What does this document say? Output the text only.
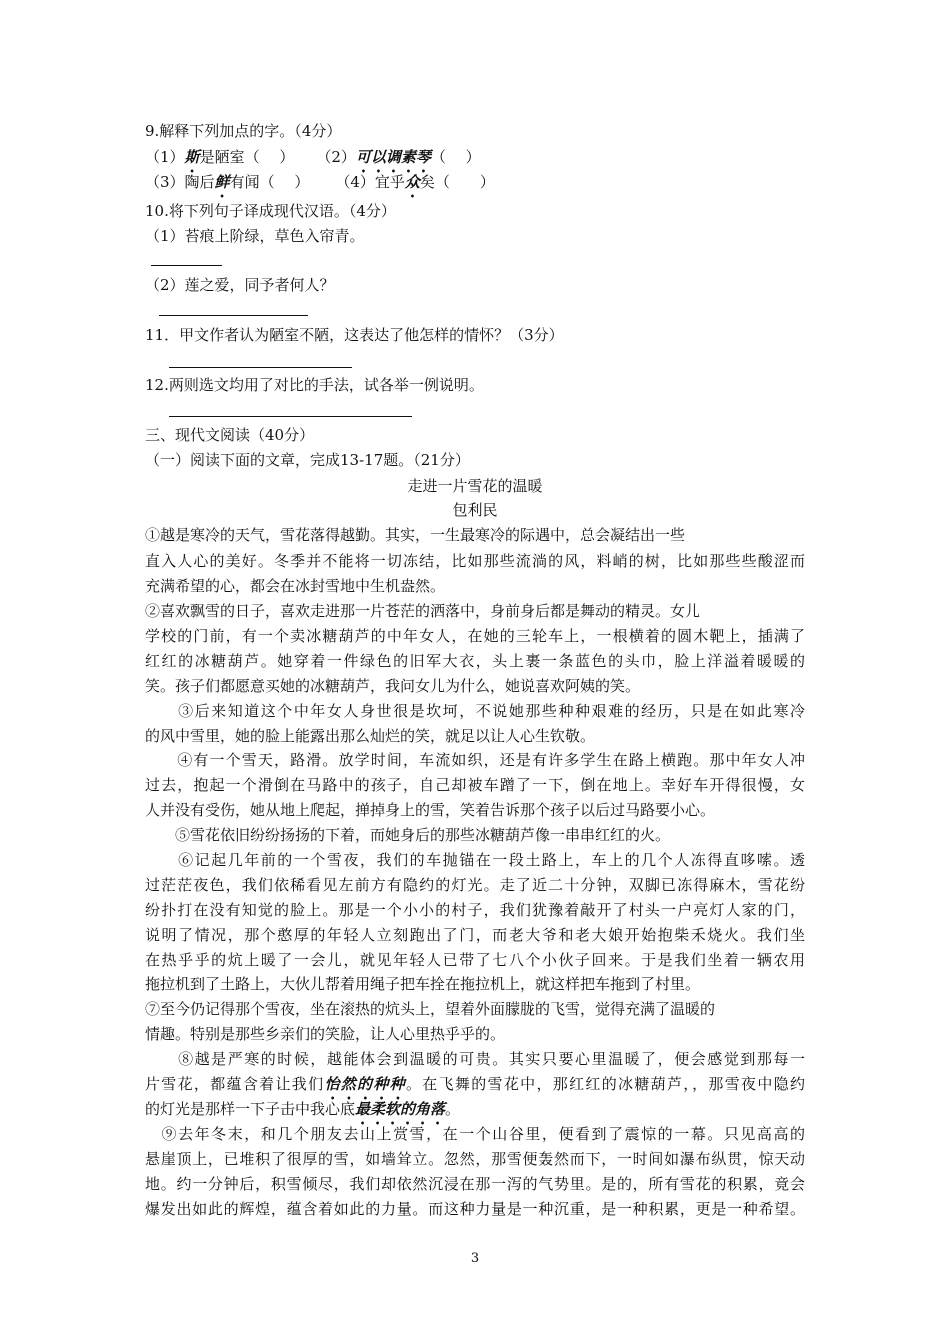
9.解释下列加点的字。（4分）
（1）斯是陋室（　 ） （2）可以调素琴（　 ）
（3）陶后鲜有闻（　 ） （4）宜乎众矣（　　）
10.将下列句子译成现代汉语。（4分）
（1）苔痕上阶绿，草色入帘青。
（2）莲之爱，同予者何人？
11．甲文作者认为陋室不陋，这表达了他怎样的情怀？（3分）
12.两则选文均用了对比的手法，试各举一例说明。
三、现代文阅读（40分）
（一）阅读下面的文章，完成13-17题。（21分）
走进一片雪花的温暖
包利民
①越是寒冷的天气，雪花落得越勤。其实，一生最寒冷的际遇中，总会凝结出一些
直入人心的美好。冬季并不能将一切冻结，比如那些流淌的风，料峭的树，比如那些些酸涩而
充满希望的心，都会在冰封雪地中生机盎然。
②喜欢飘雪的日子，喜欢走进那一片苍茫的洒落中，身前身后都是舞动的精灵。女儿
学校的门前，有一个卖冰糖葫芦的中年女人，在她的三轮车上，一根横着的圆木靶上，插满了
红红的冰糖葫芦。她穿着一件绿色的旧军大衣，头上裹一条蓝色的头巾，脸上洋溢着暖暖的
笑。孩子们都愿意买她的冰糖葫芦，我问女儿为什么，她说喜欢阿姨的笑。
　　③后来知道这个中年女人身世很是坎坷，不说她那些种种艰难的经历，只是在如此寒冷
的风中雪里，她的脸上能露出那么灿烂的笑，就足以让人心生钦敬。
　　④有一个雪天，路滑。放学时间，车流如织，还是有许多学生在路上横跑。那中年女人冲
过去，抱起一个滑倒在马路中的孩子，自己却被车蹭了一下，倒在地上。幸好车开得很慢，女
人并没有受伤，她从地上爬起，掸掉身上的雪，笑着告诉那个孩子以后过马路要小心。
　　⑤雪花依旧纷纷扬扬的下着，而她身后的那些冰糖葫芦像一串串红红的火。
　　⑥记起几年前的一个雪夜，我们的车抛锚在一段土路上，车上的几个人冻得直哆嗦。透
过茫茫夜色，我们依稀看见左前方有隐约的灯光。走了近二十分钟，双脚已冻得麻木，雪花纷
纷扑打在没有知觉的脸上。那是一个小小的村子，我们犹豫着敲开了村头一户亮灯人家的门，
说明了情况，那个憨厚的年轻人立刻跑出了门，而老大爷和老大娘开始抱柴禾烧火。我们坐
在热乎乎的炕上暖了一会儿，就见年轻人已带了七八个小伙子回来。于是我们坐着一辆农用
拖拉机到了土路上，大伙儿帮着用绳子把车拴在拖拉机上，就这样把车拖到了村里。
⑦至今仍记得那个雪夜，坐在滚热的炕头上，望着外面朦胧的飞雪，觉得充满了温暖的
情趣。特别是那些乡亲们的笑脸，让人心里热乎乎的。
　　⑧越是严寒的时候，越能体会到温暖的可贵。其实只要心里温暖了，便会感觉到那每一
片雪花，都蕴含着让我们怡然的种种。在飞舞的雪花中，那红红的冰糖葫芦，，那雪夜中隐约
的灯光是那样一下子击中我心底最柔软的角落。
　⑨去年冬末，和几个朋友去山上赏雪，在一个山谷里，便看到了震惊的一幕。只见高高的
悬崖顶上，已堆积了很厚的雪，如墙耸立。忽然，那雪便轰然而下，一时间如瀑布纵贯，惊天动
地。约一分钟后，积雪倾尽，我们却依然沉浸在那一泻的气势里。是的，所有雪花的积累，竟会
爆发出如此的辉煌，蕴含着如此的力量。而这种力量是一种沉重，是一种积累，更是一种希望。
3
